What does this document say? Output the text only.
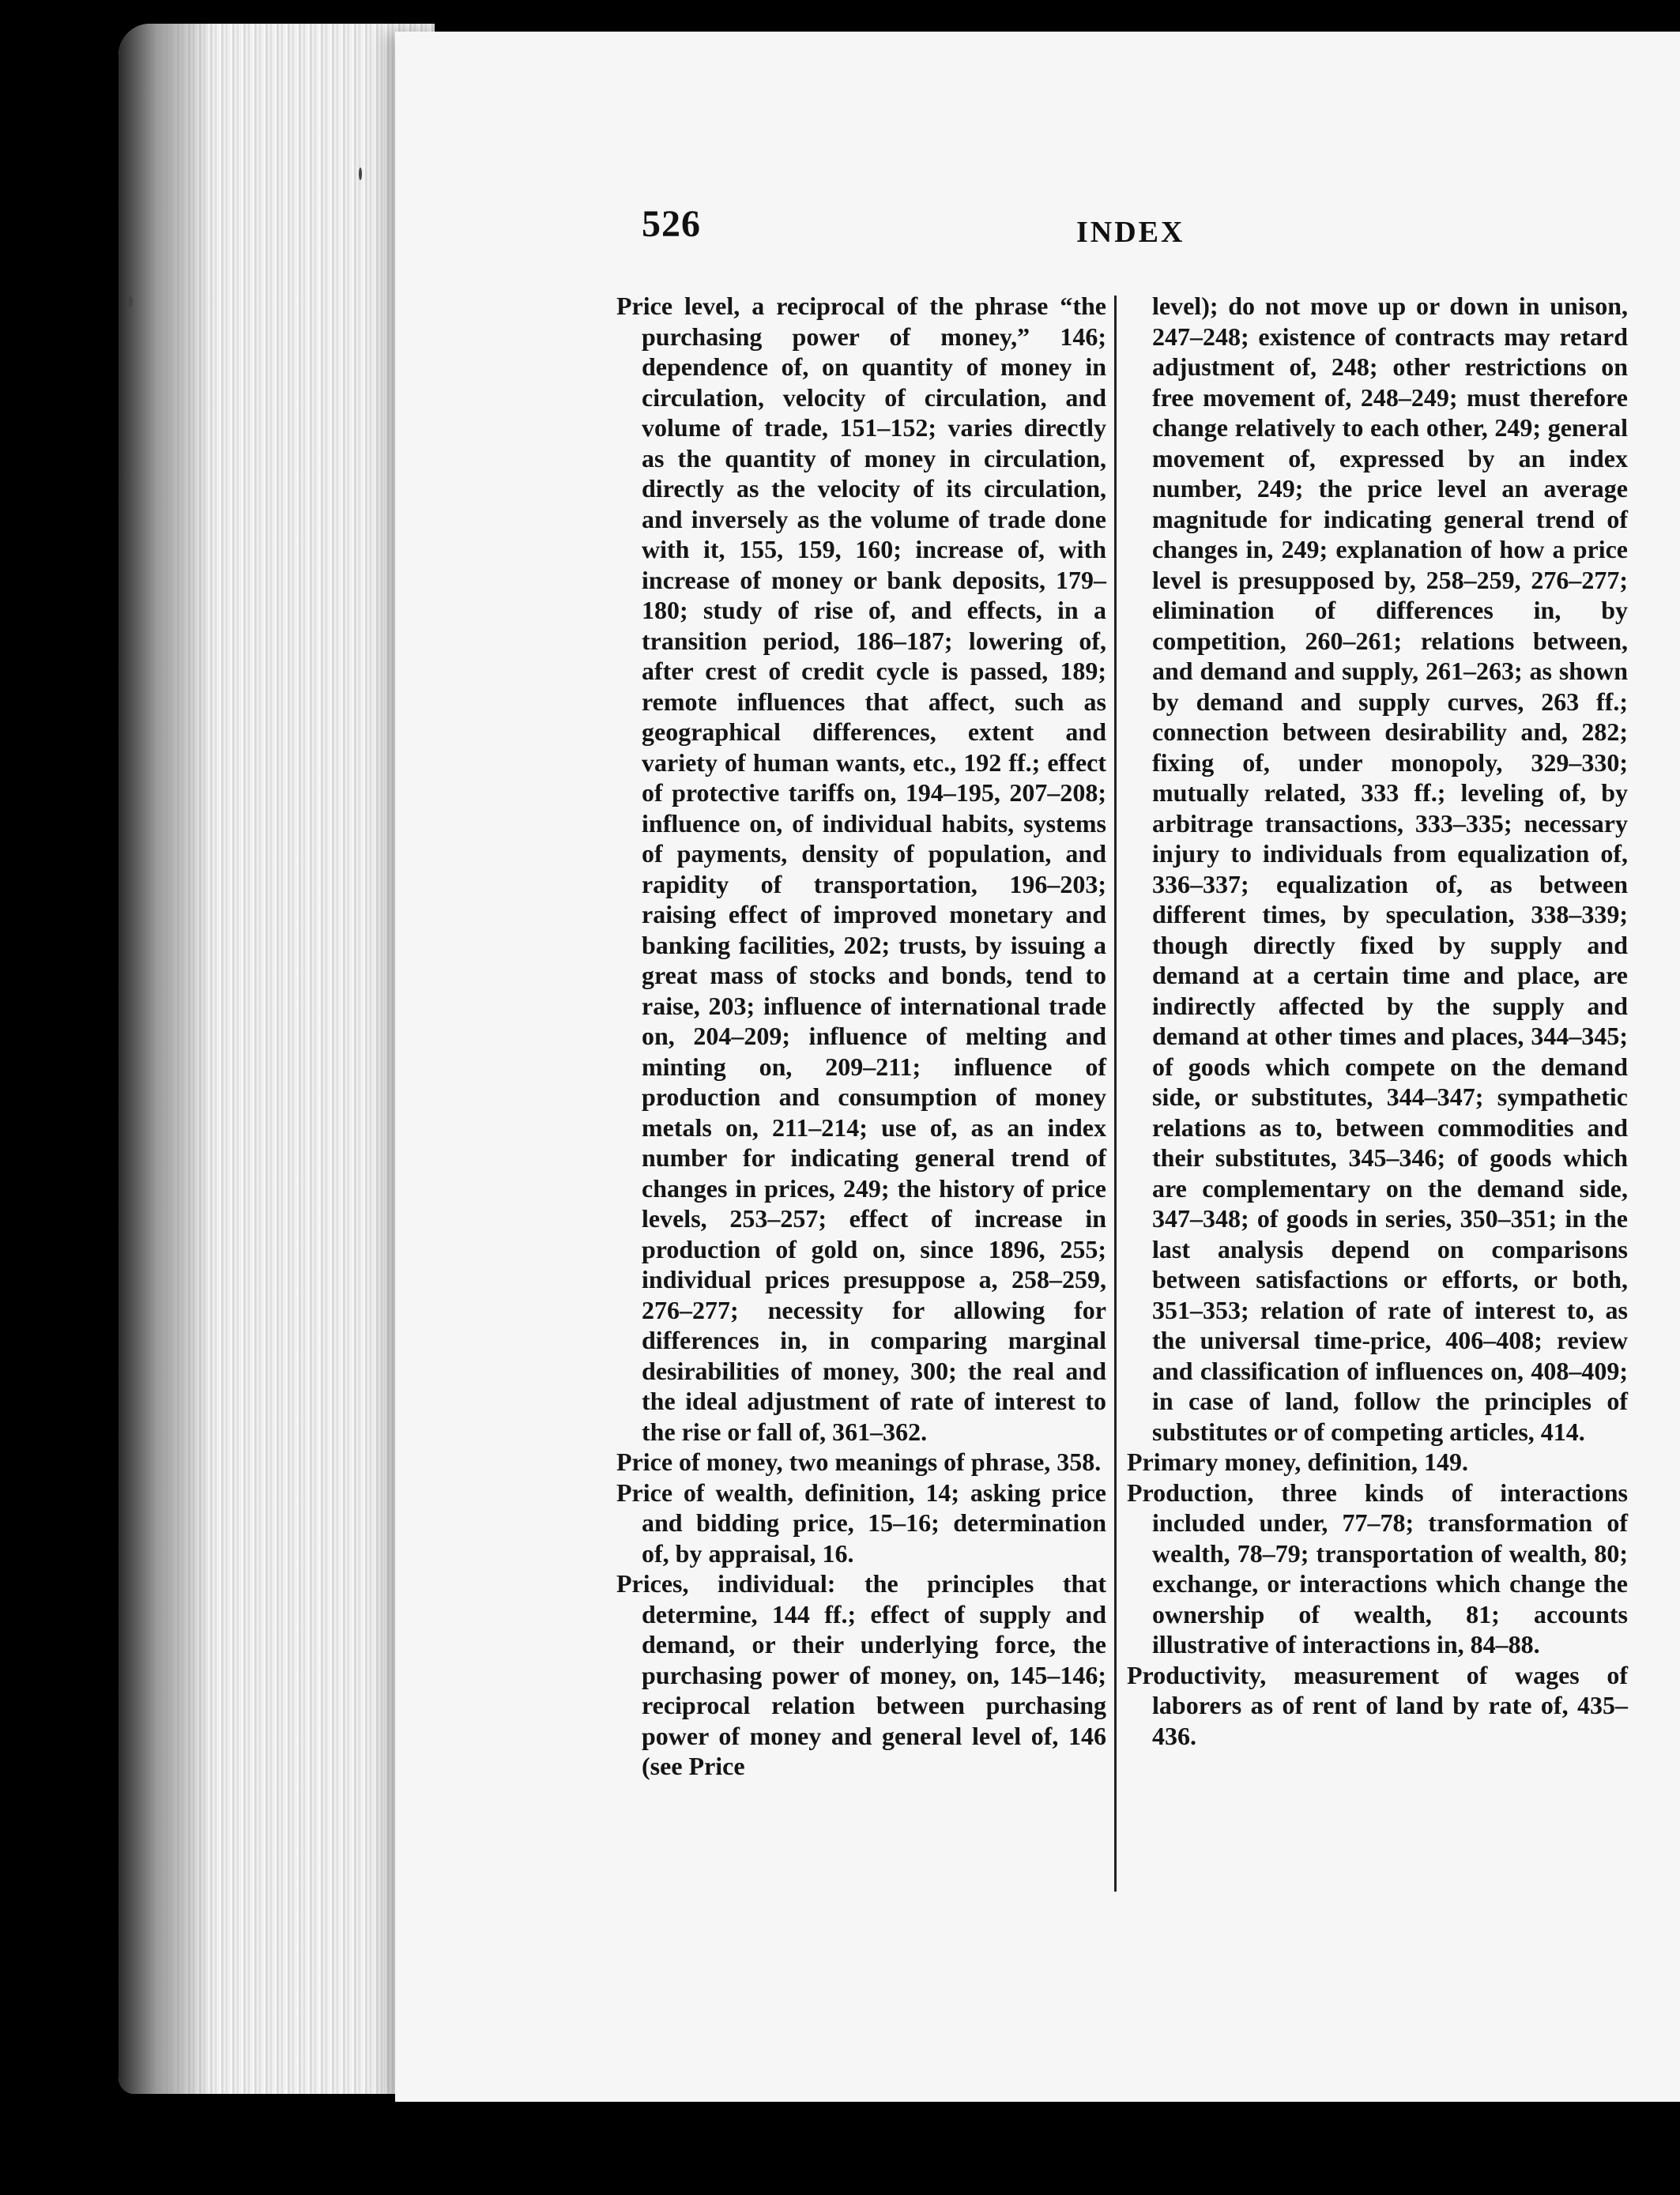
526	INDEX

Price level, a reciprocal of the phrase “the purchasing power of money,” 146; dependence of, on quantity of money in circulation, velocity of circulation, and volume of trade, 151–152; varies directly as the quantity of money in circulation, directly as the velocity of its circulation, and inversely as the volume of trade done with it, 155, 159, 160; increase of, with increase of money or bank deposits, 179–180; study of rise of, and effects, in a transition period, 186–187; lowering of, after crest of credit cycle is passed, 189; remote influences that affect, such as geographical differences, extent and variety of human wants, etc., 192 ff.; effect of protective tariffs on, 194–195, 207–208; influence on, of individual habits, systems of payments, density of population, and rapidity of transportation, 196–203; raising effect of improved monetary and banking facilities, 202; trusts, by issuing a great mass of stocks and bonds, tend to raise, 203; influence of international trade on, 204–209; influence of melting and minting on, 209–211; influence of production and consumption of money metals on, 211–214; use of, as an index number for indicating general trend of changes in prices, 249; the history of price levels, 253–257; effect of increase in production of gold on, since 1896, 255; individual prices presuppose a, 258–259, 276–277; necessity for allowing for differences in, in comparing marginal desirabilities of money, 300; the real and the ideal adjustment of rate of interest to the rise or fall of, 361–362.

Price of money, two meanings of phrase, 358.

Price of wealth, definition, 14; asking price and bidding price, 15–16; determination of, by appraisal, 16.

Prices, individual: the principles that determine, 144 ff.; effect of supply and demand, or their underlying force, the purchasing power of money, on, 145–146; reciprocal relation between purchasing power of money and general level of, 146 (see Price

level); do not move up or down in unison, 247–248; existence of contracts may retard adjustment of, 248; other restrictions on free movement of, 248–249; must therefore change relatively to each other, 249; general movement of, expressed by an index number, 249; the price level an average magnitude for indicating general trend of changes in, 249; explanation of how a price level is presupposed by, 258–259, 276–277; elimination of differences in, by competition, 260–261; relations between, and demand and supply, 261–263; as shown by demand and supply curves, 263 ff.; connection between desirability and, 282; fixing of, under monopoly, 329–330; mutually related, 333 ff.; leveling of, by arbitrage transactions, 333–335; necessary injury to individuals from equalization of, 336–337; equalization of, as between different times, by speculation, 338–339; though directly fixed by supply and demand at a certain time and place, are indirectly affected by the supply and demand at other times and places, 344–345; of goods which compete on the demand side, or substitutes, 344–347; sympathetic relations as to, between commodities and their substitutes, 345–346; of goods which are complementary on the demand side, 347–348; of goods in series, 350–351; in the last analysis depend on comparisons between satisfactions or efforts, or both, 351–353; relation of rate of interest to, as the universal time-price, 406–408; review and classification of influences on, 408–409; in case of land, follow the principles of substitutes or of competing articles, 414.

Primary money, definition, 149.

Production, three kinds of interactions included under, 77–78; transformation of wealth, 78–79; transportation of wealth, 80; exchange, or interactions which change the ownership of wealth, 81; accounts illustrative of interactions in, 84–88.

Productivity, measurement of wages of laborers as of rent of land by rate of, 435–436.
